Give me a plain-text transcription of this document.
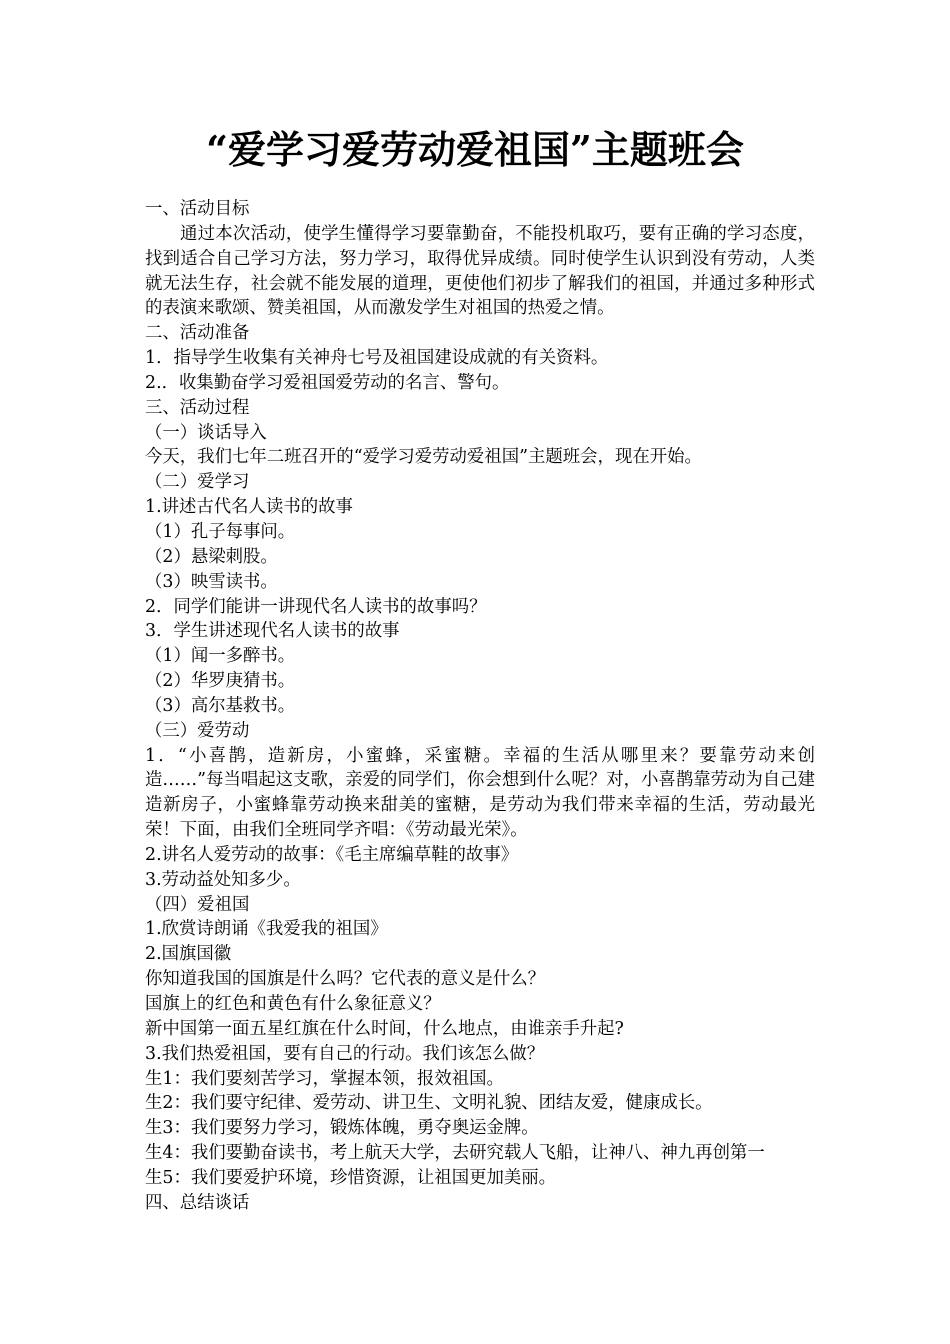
“爱学习爱劳动爱祖国”主题班会
一、活动目标
通过本次活动，使学生懂得学习要靠勤奋，不能投机取巧，要有正确的学习态度，找到适合自己学习方法，努力学习，取得优异成绩。同时使学生认识到没有劳动，人类就无法生存，社会就不能发展的道理，更使他们初步了解我们的祖国，并通过多种形式的表演来歌颂、赞美祖国，从而激发学生对祖国的热爱之情。
二、活动准备
1．指导学生收集有关神舟七号及祖国建设成就的有关资料。
2.．收集勤奋学习爱祖国爱劳动的名言、警句。
三、活动过程
（一）谈话导入
今天，我们七年二班召开的“爱学习爱劳动爱祖国”主题班会，现在开始。
（二）爱学习
1.讲述古代名人读书的故事
（1）孔子每事问。
（2）悬梁刺股。
（3）映雪读书。
2．同学们能讲一讲现代名人读书的故事吗？
3．学生讲述现代名人读书的故事
（1）闻一多醉书。
（2）华罗庚猜书。
（3）高尔基救书。
（三）爱劳动
1．“小喜鹊，造新房，小蜜蜂，采蜜糖。幸福的生活从哪里来？要靠劳动来创造……”每当唱起这支歌，亲爱的同学们，你会想到什么呢？对，小喜鹊靠劳动为自己建造新房子，小蜜蜂靠劳动换来甜美的蜜糖，是劳动为我们带来幸福的生活，劳动最光荣！下面，由我们全班同学齐唱：《劳动最光荣》。
2.讲名人爱劳动的故事：《毛主席编草鞋的故事》
3.劳动益处知多少。
（四）爱祖国
1.欣赏诗朗诵《我爱我的祖国》
2.国旗国徽
你知道我国的国旗是什么吗？它代表的意义是什么？
国旗上的红色和黄色有什么象征意义？
新中国第一面五星红旗在什么时间，什么地点，由谁亲手升起?
3.我们热爱祖国，要有自己的行动。我们该怎么做？
生1：我们要刻苦学习，掌握本领，报效祖国。
生2：我们要守纪律、爱劳动、讲卫生、文明礼貌、团结友爱，健康成长。
生3：我们要努力学习，锻炼体魄，勇夺奥运金牌。
生4：我们要勤奋读书，考上航天大学，去研究载人飞船，让神八、神九再创第一
生5：我们要爱护环境，珍惜资源，让祖国更加美丽。
四、总结谈话
